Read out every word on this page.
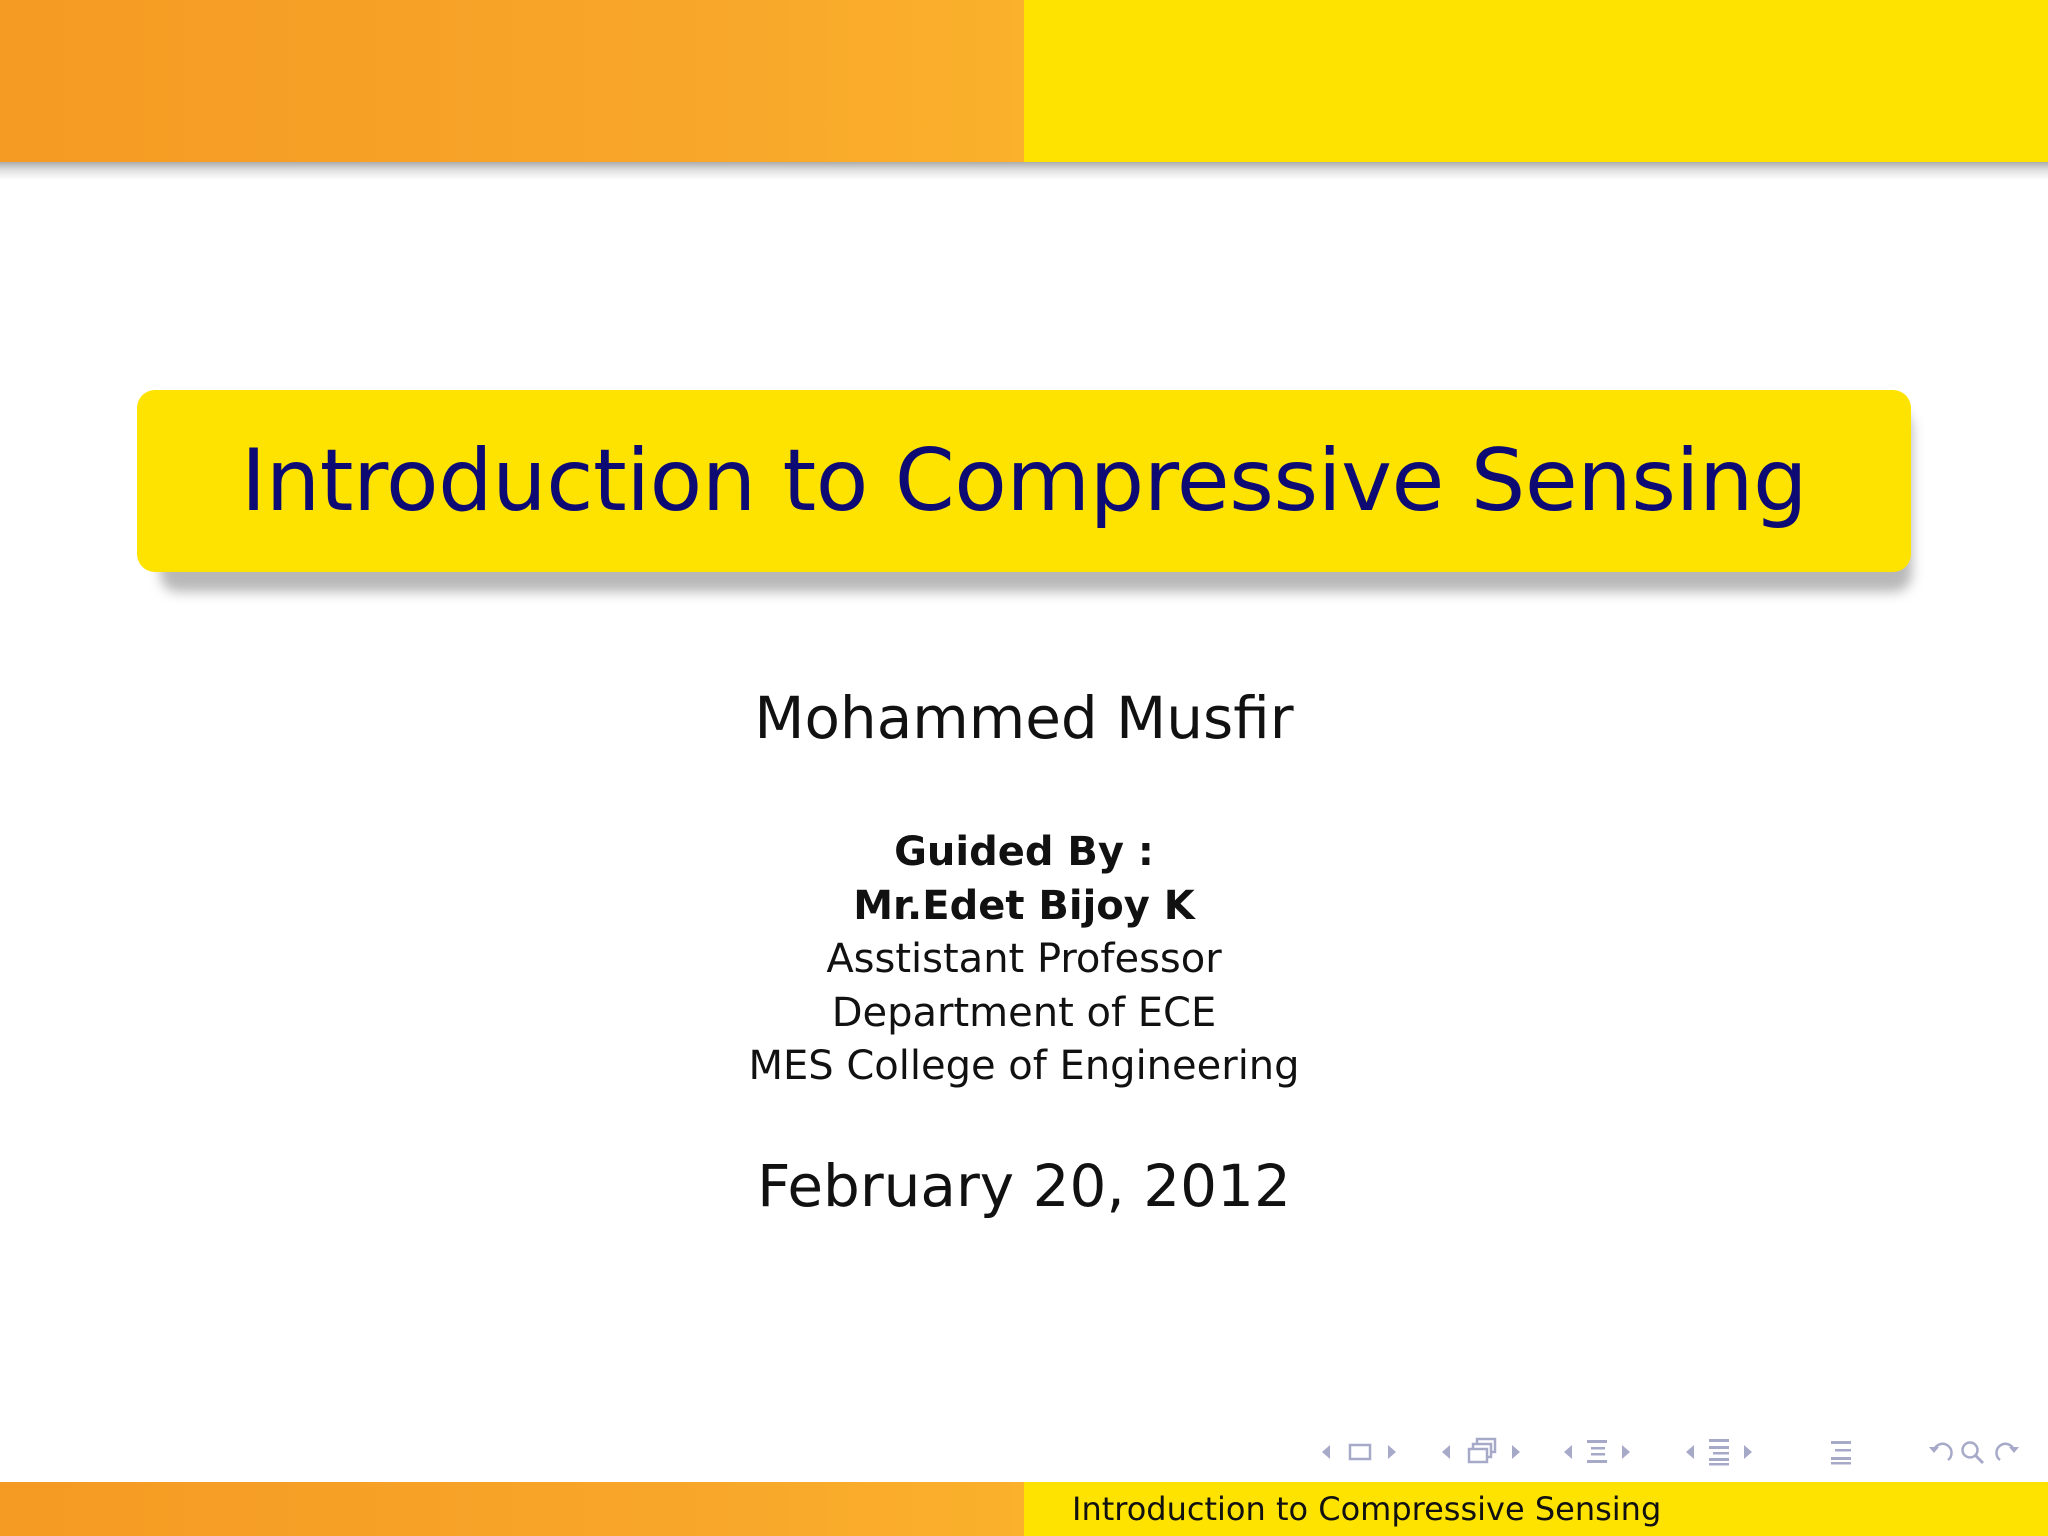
Introduction to Compressive Sensing
Mohammed Musfir
Guided By :
Mr.Edet Bijoy K
Asstistant Professor
Department of ECE
MES College of Engineering
February 20, 2012
Introduction to Compressive Sensing
